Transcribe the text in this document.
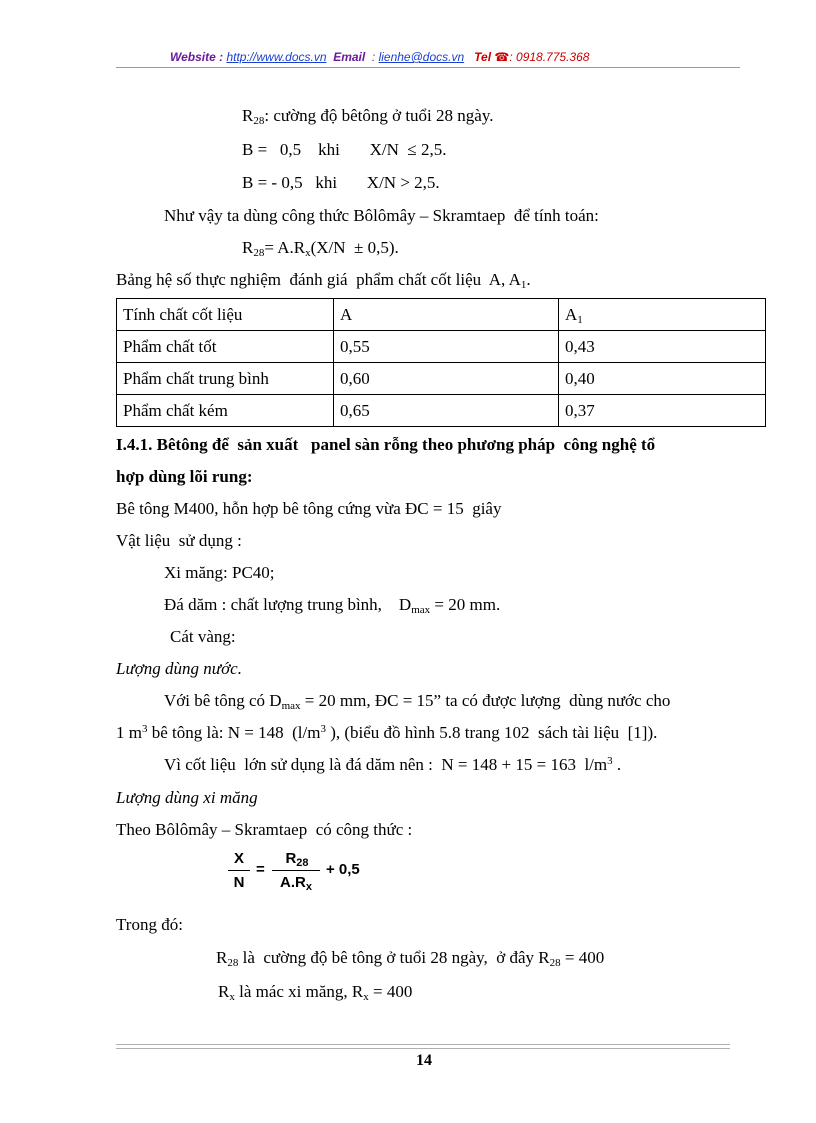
Website : http://www.docs.vn Email : lienhe@docs.vn Tel ☎: 0918.775.368
$R_{28}$: cường độ bêtông ở tuổi 28 ngày.
B =   0,5    khi       X/N  ≤ 2,5.
B = - 0,5   khi       X/N > 2,5.
Như vậy ta dùng công thức Bôlômây – Skramtaep  để tính toán:
$R_{28}= A.R_x(X/N \pm 0,5)$.
Bảng hệ số thực nghiệm  đánh giá  phẩm chất cốt liệu  A, $A_1$.
Tính chất cốt liệu	A	$A_1$
Phẩm chất tốt	0,55	0,43
Phẩm chất trung bình	0,60	0,40
Phẩm chất kém	0,65	0,37
I.4.1. Bêtông để  sản xuất   panel sàn rỗng theo phương pháp  công nghệ tổ
hợp dùng lõi rung:
Bê tông M400, hỗn hợp bê tông cứng vừa ĐC = 15  giây
Vật liệu  sử dụng :
Xi măng: PC40;
Đá dăm : chất lượng trung bình,    $D_{max} = 20$ mm.
Cát vàng:
Lượng dùng nước.
Với bê tông có $D_{max} = 20$ mm, ĐC = 15” ta có được lượng  dùng nước cho
1 $m^3$ bê tông là: N = 148  ($l/m^3$ ), (biểu đồ hình 5.8 trang 102  sách tài liệu  [1]).
Vì cốt liệu  lớn sử dụng là đá dăm nên :  N = 148 + 15 = 163  $l/m^3$ .
Lượng dùng xi măng
Theo Bôlômây – Skramtaep  có công thức :
X
N
=
$R_{28}$
$A.R_x$
+ 0,5
Trong đó:
$R_{28}$ là  cường độ bê tông ở tuổi 28 ngày,  ở đây $R_{28} = 400$
$R_x$ là mác xi măng, $R_x = 400$
14
